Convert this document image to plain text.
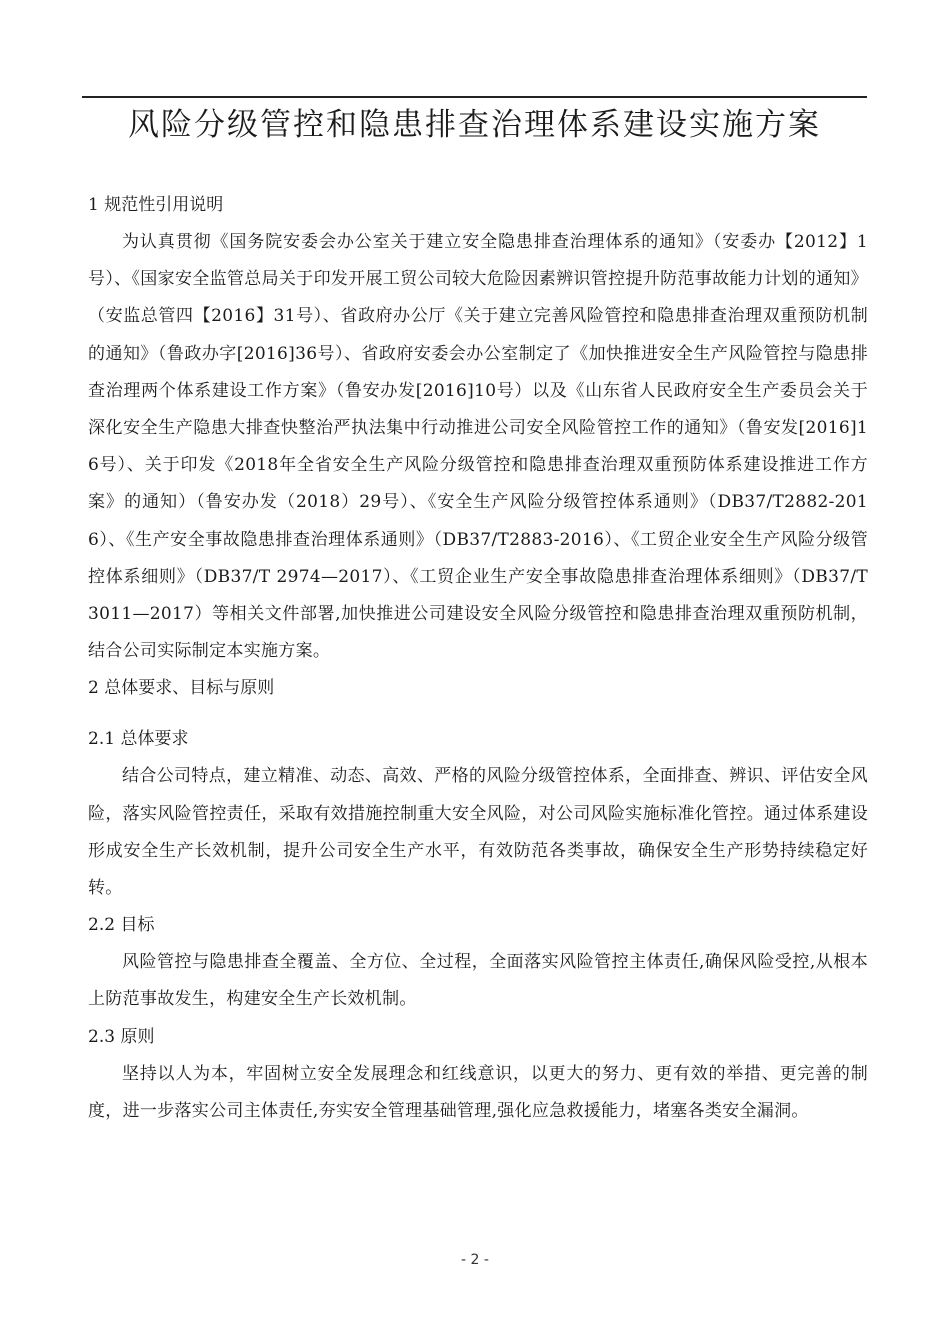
风险分级管控和隐患排查治理体系建设实施方案

1 规范性引用说明

为认真贯彻《国务院安委会办公室关于建立安全隐患排查治理体系的通知》（安委办【2012】1号）、《国家安全监管总局关于印发开展工贸公司较大危险因素辨识管控提升防范事故能力计划的通知》（安监总管四【2016】31号）、省政府办公厅《关于建立完善风险管控和隐患排查治理双重预防机制的通知》（鲁政办字[2016]36号）、省政府安委会办公室制定了《加快推进安全生产风险管控与隐患排查治理两个体系建设工作方案》（鲁安办发[2016]10号）以及《山东省人民政府安全生产委员会关于深化安全生产隐患大排查快整治严执法集中行动推进公司安全风险管控工作的通知》（鲁安发[2016]16号）、关于印发《2018年全省安全生产风险分级管控和隐患排查治理双重预防体系建设推进工作方案》的通知）（鲁安办发（2018）29号）、《安全生产风险分级管控体系通则》（DB37/T2882-2016）、《生产安全事故隐患排查治理体系通则》（DB37/T2883-2016）、《工贸企业安全生产风险分级管控体系细则》（DB37/T 2974—2017）、《工贸企业生产安全事故隐患排查治理体系细则》（DB37/T 3011—2017）等相关文件部署,加快推进公司建设安全风险分级管控和隐患排查治理双重预防机制，结合公司实际制定本实施方案。

2 总体要求、目标与原则

2.1 总体要求

结合公司特点，建立精准、动态、高效、严格的风险分级管控体系，全面排查、辨识、评估安全风险，落实风险管控责任，采取有效措施控制重大安全风险，对公司风险实施标准化管控。通过体系建设形成安全生产长效机制，提升公司安全生产水平，有效防范各类事故，确保安全生产形势持续稳定好转。

2.2 目标

风险管控与隐患排查全覆盖、全方位、全过程，全面落实风险管控主体责任,确保风险受控,从根本上防范事故发生，构建安全生产长效机制。

2.3 原则

坚持以人为本，牢固树立安全发展理念和红线意识，以更大的努力、更有效的举措、更完善的制度，进一步落实公司主体责任,夯实安全管理基础管理,强化应急救援能力，堵塞各类安全漏洞。

- 2 -
